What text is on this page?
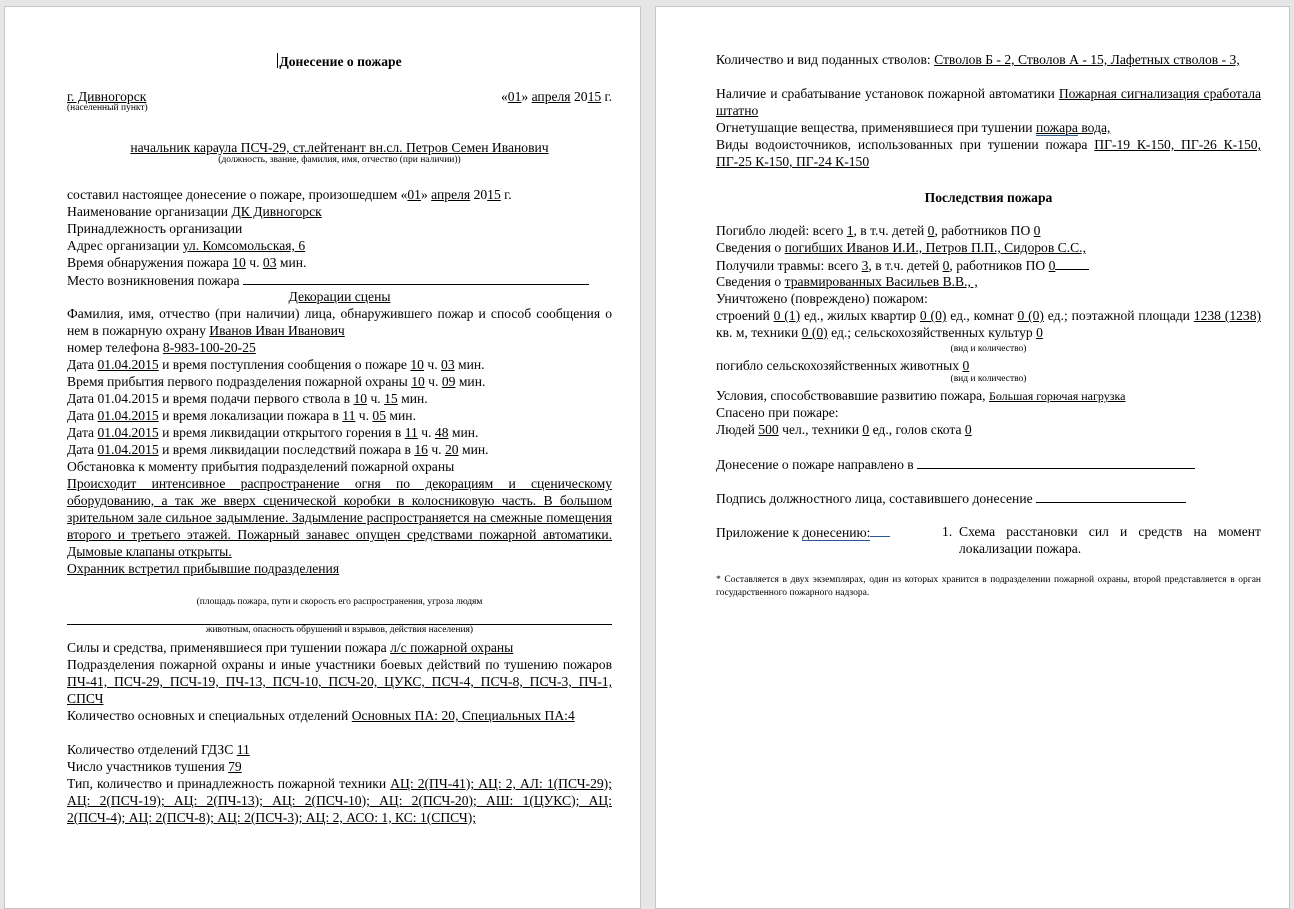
Донесение о пожаре
г. Дивногорск	«01» апреля 2015 г.
(населенный пункт)
начальник караула ПСЧ-29, ст.лейтенант вн.сл. Петров Семен Иванович
(должность, звание, фамилия, имя, отчество (при наличии))
составил настоящее донесение о пожаре, произошедшем «01» апреля 2015 г.
Наименование организации ДК Дивногорск
Принадлежность организации
Адрес организации ул. Комсомольская, 6
Время обнаружения пожара 10 ч. 03 мин.
Место возникновения пожара
Декорации сцены
Фамилия, имя, отчество (при наличии) лица, обнаружившего пожар и способ сообщения о нем в пожарную охрану Иванов Иван Иванович
номер телефона 8-983-100-20-25
Дата 01.04.2015 и время поступления сообщения о пожаре 10 ч. 03 мин.
Время прибытия первого подразделения пожарной охраны 10 ч. 09 мин.
Дата 01.04.2015 и время подачи первого ствола в 10 ч. 15 мин.
Дата 01.04.2015 и время локализации пожара в 11 ч. 05 мин.
Дата 01.04.2015 и время ликвидации открытого горения в 11 ч. 48 мин.
Дата 01.04.2015 и время ликвидации последствий пожара в 16 ч. 20 мин.
Обстановка к моменту прибытия подразделений пожарной охраны
Происходит интенсивное распространение огня по декорациям и сценическому оборудованию, а так же вверх сценической коробки в колосниковую часть. В большом зрительном зале сильное задымление. Задымление распространяется на смежные помещения второго и третьего этажей. Пожарный занавес опущен средствами пожарной автоматики. Дымовые клапаны открыты.
Охранник встретил прибывшие подразделения
(площадь пожара, пути и скорость его распространения, угроза людям
животным, опасность обрушений и взрывов, действия населения)
Силы и средства, применявшиеся при тушении пожара л/с пожарной охраны
Подразделения пожарной охраны и иные участники боевых действий по тушению пожаров ПЧ-41, ПСЧ-29, ПСЧ-19, ПЧ-13, ПСЧ-10, ПСЧ-20, ЦУКС, ПСЧ-4, ПСЧ-8, ПСЧ-3, ПЧ-1, СПСЧ
Количество основных и специальных отделений Основных ПА: 20, Специальных ПА:4
Количество отделений ГДЗС 11
Число участников тушения 79
Тип, количество и принадлежность пожарной техники АЦ: 2(ПЧ-41); АЦ: 2, АЛ: 1(ПСЧ-29); АЦ: 2(ПСЧ-19); АЦ: 2(ПЧ-13); АЦ: 2(ПСЧ-10); АЦ: 2(ПСЧ-20); АШ: 1(ЦУКС); АЦ: 2(ПСЧ-4); АЦ: 2(ПСЧ-8); АЦ: 2(ПСЧ-3); АЦ: 2, АСО: 1, КС: 1(СПСЧ);
Количество и вид поданных стволов: Стволов Б - 2, Стволов А - 15, Лафетных стволов - 3,
Наличие и срабатывание установок пожарной автоматики Пожарная сигнализация сработала штатно
Огнетушащие вещества, применявшиеся при тушении пожара вода,
Виды водоисточников, использованных при тушении пожара ПГ-19 К-150, ПГ-26 К-150, ПГ-25 К-150, ПГ-24 К-150
Последствия пожара
Погибло людей: всего 1, в т.ч. детей 0, работников ПО 0
Сведения о погибших Иванов И.И., Петров П.П., Сидоров С.С.,
Получили травмы: всего 3, в т.ч. детей 0, работников ПО 0
Сведения о травмированных Васильев В.В., ,
Уничтожено (повреждено) пожаром:
строений 0 (1) ед., жилых квартир 0 (0) ед., комнат 0 (0) ед.; поэтажной площади 1238 (1238) кв. м, техники 0 (0) ед.; сельскохозяйственных культур 0
(вид и количество)
погибло сельскохозяйственных животных 0
(вид и количество)
Условия, способствовавшие развитию пожара, Большая горючая нагрузка
Спасено при пожаре:
Людей 500 чел., техники 0 ед., голов скота 0
Донесение о пожаре направлено в
Подпись должностного лица, составившего донесение
Приложение к донесению:	1. Схема расстановки сил и средств на момент локализации пожара.
* Составляется в двух экземплярах, один из которых хранится в подразделении пожарной охраны, второй представляется в орган государственного пожарного надзора.
